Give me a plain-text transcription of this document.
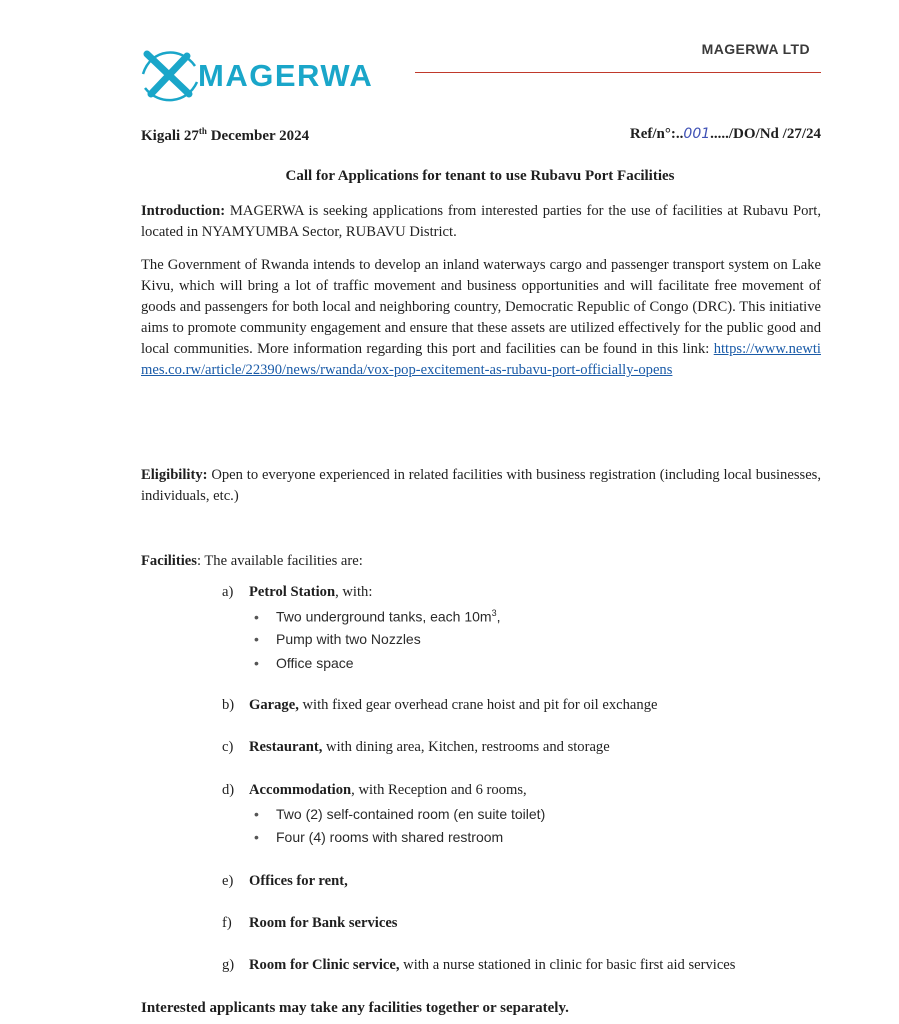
MAGERWA
MAGERWA LTD
Kigali 27th December 2024	Ref/n°:..001...../DO/Nd /27/24
Call for Applications for tenant to use Rubavu Port Facilities
Introduction: MAGERWA is seeking applications from interested parties for the use of facilities at Rubavu Port, located in NYAMYUMBA Sector, RUBAVU District.
The Government of Rwanda intends to develop an inland waterways cargo and passenger transport system on Lake Kivu, which will bring a lot of traffic movement and business opportunities and will facilitate free movement of goods and passengers for both local and neighboring country, Democratic Republic of Congo (DRC). This initiative aims to promote community engagement and ensure that these assets are utilized effectively for the public good and local communities. More information regarding this port and facilities can be found in this link: https://www.newtimes.co.rw/article/22390/news/rwanda/vox-pop-excitement-as-rubavu-port-officially-opens
Eligibility: Open to everyone experienced in related facilities with business registration (including local businesses, individuals, etc.)
Facilities: The available facilities are:
a) Petrol Station, with:
• Two underground tanks, each $10m^3$,
• Pump with two Nozzles
• Office space
b) Garage, with fixed gear overhead crane hoist and pit for oil exchange
c) Restaurant, with dining area, Kitchen, restrooms and storage
d) Accommodation, with Reception and 6 rooms,
• Two (2) self-contained room (en suite toilet)
• Four (4) rooms with shared restroom
e) Offices for rent,
f) Room for Bank services
g) Room for Clinic service, with a nurse stationed in clinic for basic first aid services
Interested applicants may take any facilities together or separately.
